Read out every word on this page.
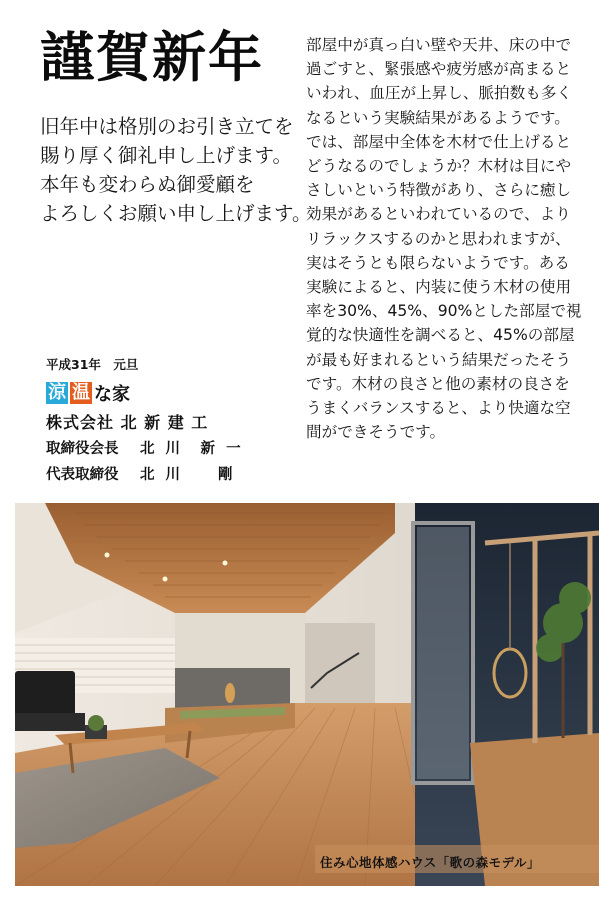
謹賀新年
旧年中は格別のお引き立てを
賜り厚く御礼申し上げます。
本年も変わらぬ御愛顧を
よろしくお願い申し上げます。
部屋中が真っ白い壁や天井、床の中で過ごすと、緊張感や疲労感が高まるといわれ、血圧が上昇し、脈拍数も多くなるという実験結果があるようです。では、部屋中全体を木材で仕上げるとどうなるのでしょうか？木材は目にやさしいという特徴があり、さらに癒し効果があるといわれているので、よりリラックスするのかと思われますが、実はそうとも限らないようです。ある実験によると、内装に使う木材の使用率を30%、45%、90%とした部屋で視覚的な快適性を調べると、45%の部屋が最も好まれるという結果だったそうです。木材の良さと他の素材の良さをうまくバランスすると、より快適な空間ができそうです。
平成31年　元旦
涼 温 な家
株式会社 北 新 建 工
取締役会長	北 川　新 一
代表取締役	北 川　　剛
住み心地体感ハウス「歌の森モデル」
